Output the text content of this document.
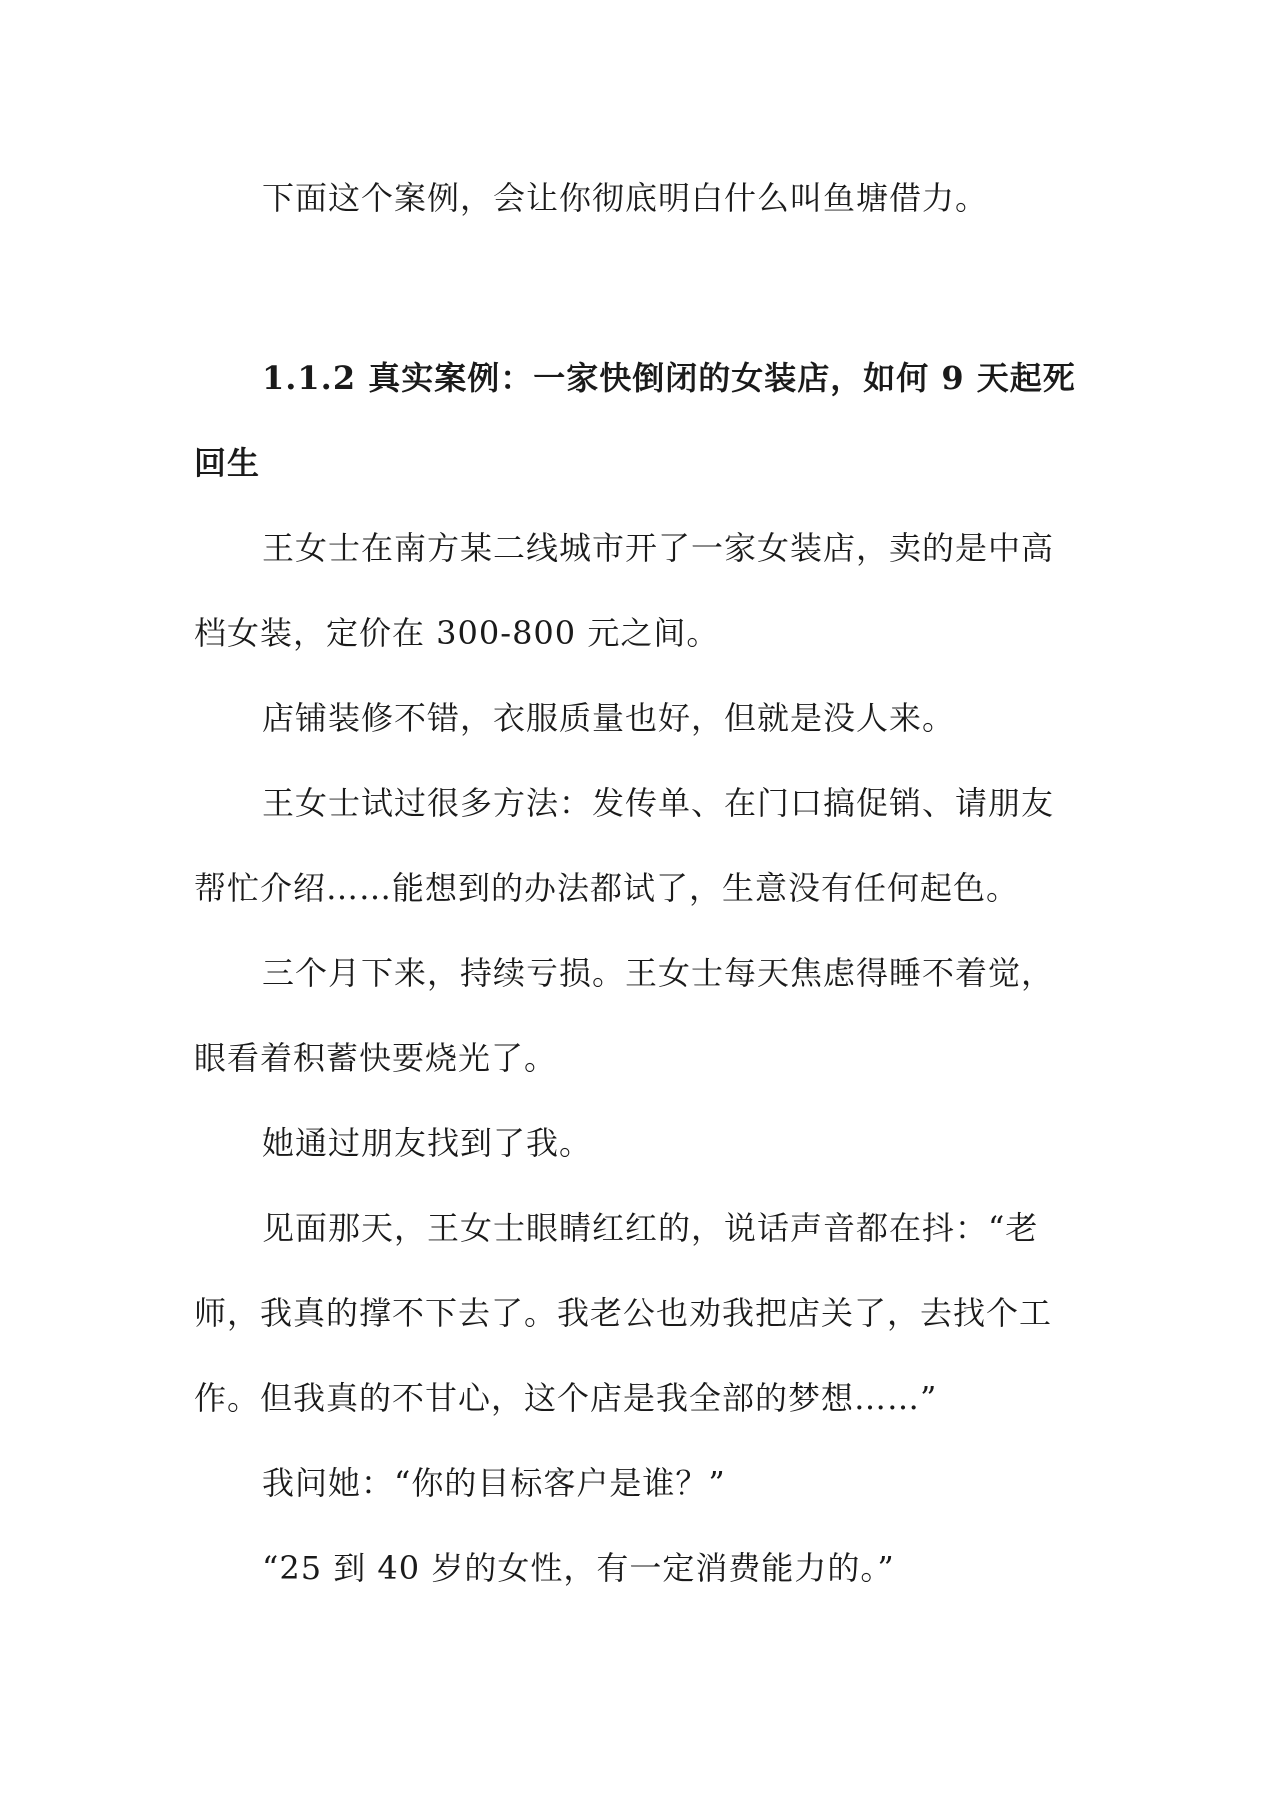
下面这个案例，会让你彻底明白什么叫鱼塘借力。
1.1.2 真实案例：一家快倒闭的女装店，如何 9 天起死
回生
王女士在南方某二线城市开了一家女装店，卖的是中高
档女装，定价在 300-800 元之间。
店铺装修不错，衣服质量也好，但就是没人来。
王女士试过很多方法：发传单、在门口搞促销、请朋友
帮忙介绍……能想到的办法都试了，生意没有任何起色。
三个月下来，持续亏损。王女士每天焦虑得睡不着觉，
眼看着积蓄快要烧光了。
她通过朋友找到了我。
见面那天，王女士眼睛红红的，说话声音都在抖：“老
师，我真的撑不下去了。我老公也劝我把店关了，去找个工
作。但我真的不甘心，这个店是我全部的梦想……”
我问她：“你的目标客户是谁？”
“25 到 40 岁的女性，有一定消费能力的。”
